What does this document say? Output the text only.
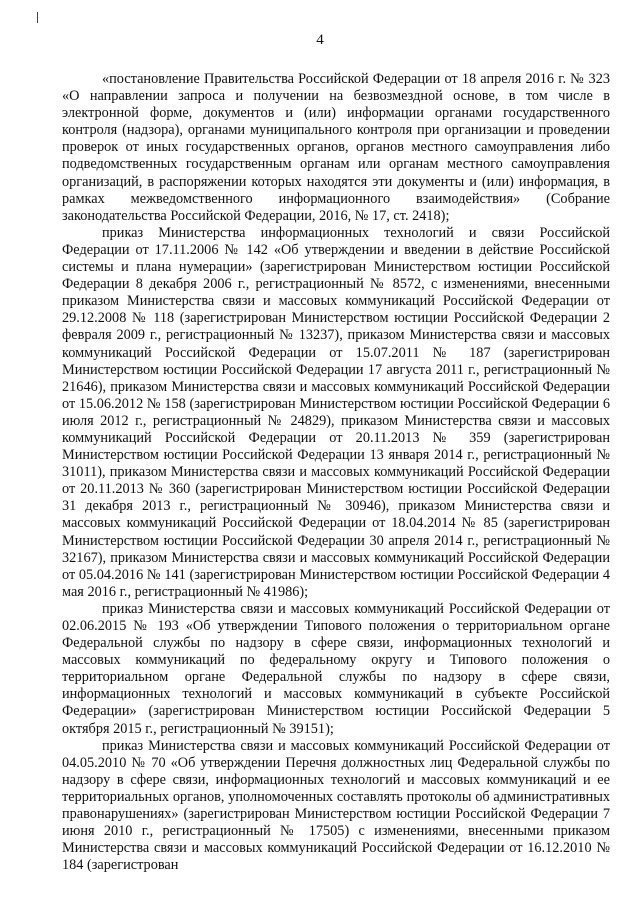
4

«постановление Правительства Российской Федерации от 18 апреля 2016 г. № 323 «О направлении запроса и получении на безвозмездной основе, в том числе в электронной форме, документов и (или) информации органами государственного контроля (надзора), органами муниципального контроля при организации и проведении проверок от иных государственных органов, органов местного самоуправления либо подведомственных государственным органам или органам местного самоуправления организаций, в распоряжении которых находятся эти документы и (или) информация, в рамках межведомственного информационного взаимодействия» (Собрание законодательства Российской Федерации, 2016, № 17, ст. 2418);

приказ Министерства информационных технологий и связи Российской Федерации от 17.11.2006 № 142 «Об утверждении и введении в действие Российской системы и плана нумерации» (зарегистрирован Министерством юстиции Российской Федерации 8 декабря 2006 г., регистрационный № 8572, с изменениями, внесенными приказом Министерства связи и массовых коммуникаций Российской Федерации от 29.12.2008 № 118 (зарегистрирован Министерством юстиции Российской Федерации 2 февраля 2009 г., регистрационный № 13237), приказом Министерства связи и массовых коммуникаций Российской Федерации от 15.07.2011 № 187 (зарегистрирован Министерством юстиции Российской Федерации 17 августа 2011 г., регистрационный № 21646), приказом Министерства связи и массовых коммуникаций Российской Федерации от 15.06.2012 № 158 (зарегистрирован Министерством юстиции Российской Федерации 6 июля 2012 г., регистрационный № 24829), приказом Министерства связи и массовых коммуникаций Российской Федерации от 20.11.2013 № 359 (зарегистрирован Министерством юстиции Российской Федерации 13 января 2014 г., регистрационный № 31011), приказом Министерства связи и массовых коммуникаций Российской Федерации от 20.11.2013 № 360 (зарегистрирован Министерством юстиции Российской Федерации 31 декабря 2013 г., регистрационный № 30946), приказом Министерства связи и массовых коммуникаций Российской Федерации от 18.04.2014 № 85 (зарегистрирован Министерством юстиции Российской Федерации 30 апреля 2014 г., регистрационный № 32167), приказом Министерства связи и массовых коммуникаций Российской Федерации от 05.04.2016 № 141 (зарегистрирован Министерством юстиции Российской Федерации 4 мая 2016 г., регистрационный № 41986);

приказ Министерства связи и массовых коммуникаций Российской Федерации от 02.06.2015 № 193 «Об утверждении Типового положения о территориальном органе Федеральной службы по надзору в сфере связи, информационных технологий и массовых коммуникаций по федеральному округу и Типового положения о территориальном органе Федеральной службы по надзору в сфере связи, информационных технологий и массовых коммуникаций в субъекте Российской Федерации» (зарегистрирован Министерством юстиции Российской Федерации 5 октября 2015 г., регистрационный № 39151);

приказ Министерства связи и массовых коммуникаций Российской Федерации от 04.05.2010 № 70 «Об утверждении Перечня должностных лиц Федеральной службы по надзору в сфере связи, информационных технологий и массовых коммуникаций и ее территориальных органов, уполномоченных составлять протоколы об административных правонарушениях» (зарегистрирован Министерством юстиции Российской Федерации 7 июня 2010 г., регистрационный № 17505) с изменениями, внесенными приказом Министерства связи и массовых коммуникаций Российской Федерации от 16.12.2010 № 184 (зарегистрован
